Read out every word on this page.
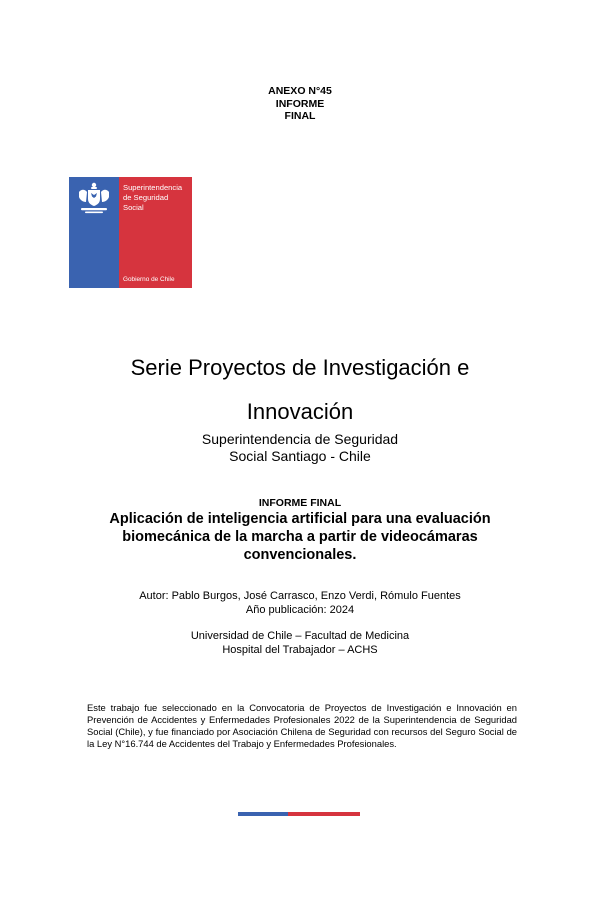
ANEXO N°45
INFORME
FINAL
Superintendencia
de Seguridad
Social
Gobierno de Chile
Serie Proyectos de Investigación e
Innovación
Superintendencia de Seguridad
Social Santiago - Chile
INFORME FINAL
Aplicación de inteligencia artificial para una evaluación
biomecánica de la marcha a partir de videocámaras
convencionales.
Autor: Pablo Burgos, José Carrasco, Enzo Verdi, Rómulo Fuentes
Año publicación: 2024
Universidad de Chile – Facultad de Medicina
Hospital del Trabajador – ACHS
Este trabajo fue seleccionado en la Convocatoria de Proyectos de Investigación e Innovación en Prevención de Accidentes y Enfermedades Profesionales 2022 de la Superintendencia de Seguridad Social (Chile), y fue financiado por Asociación Chilena de Seguridad con recursos del Seguro Social de la Ley N°16.744 de Accidentes del Trabajo y Enfermedades Profesionales.
